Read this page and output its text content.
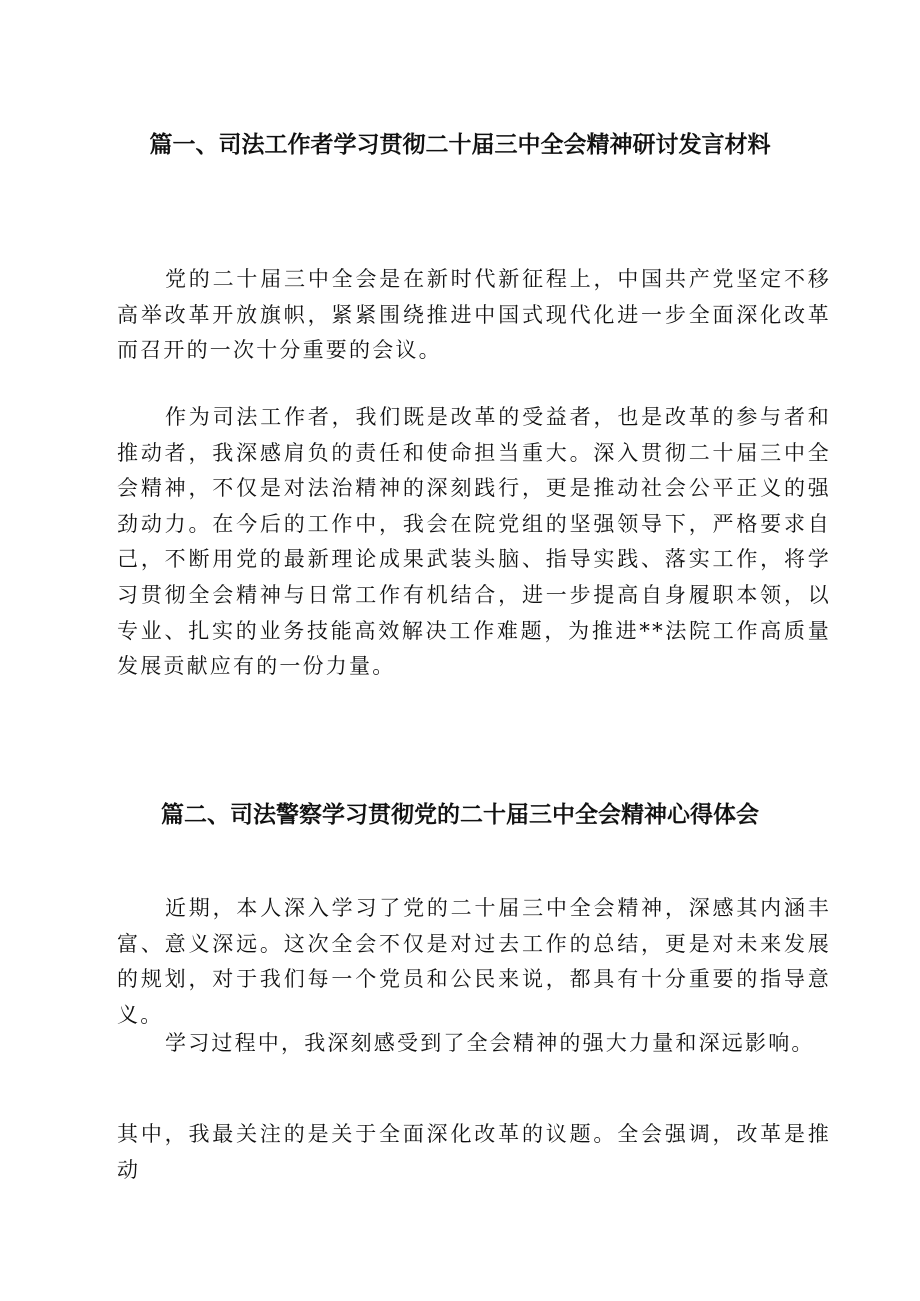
篇一、司法工作者学习贯彻二十届三中全会精神研讨发言材料

党的二十届三中全会是在新时代新征程上，中国共产党坚定不移高举改革开放旗帜，紧紧围绕推进中国式现代化进一步全面深化改革而召开的一次十分重要的会议。

作为司法工作者，我们既是改革的受益者，也是改革的参与者和推动者，我深感肩负的责任和使命担当重大。深入贯彻二十届三中全会精神，不仅是对法治精神的深刻践行，更是推动社会公平正义的强劲动力。在今后的工作中，我会在院党组的坚强领导下，严格要求自己，不断用党的最新理论成果武装头脑、指导实践、落实工作，将学习贯彻全会精神与日常工作有机结合，进一步提高自身履职本领，以专业、扎实的业务技能高效解决工作难题，为推进**法院工作高质量发展贡献应有的一份力量。

篇二、司法警察学习贯彻党的二十届三中全会精神心得体会

近期，本人深入学习了党的二十届三中全会精神，深感其内涵丰富、意义深远。这次全会不仅是对过去工作的总结，更是对未来发展的规划，对于我们每一个党员和公民来说，都具有十分重要的指导意义。

学习过程中，我深刻感受到了全会精神的强大力量和深远影响。

其中，我最关注的是关于全面深化改革的议题。全会强调，改革是推动
